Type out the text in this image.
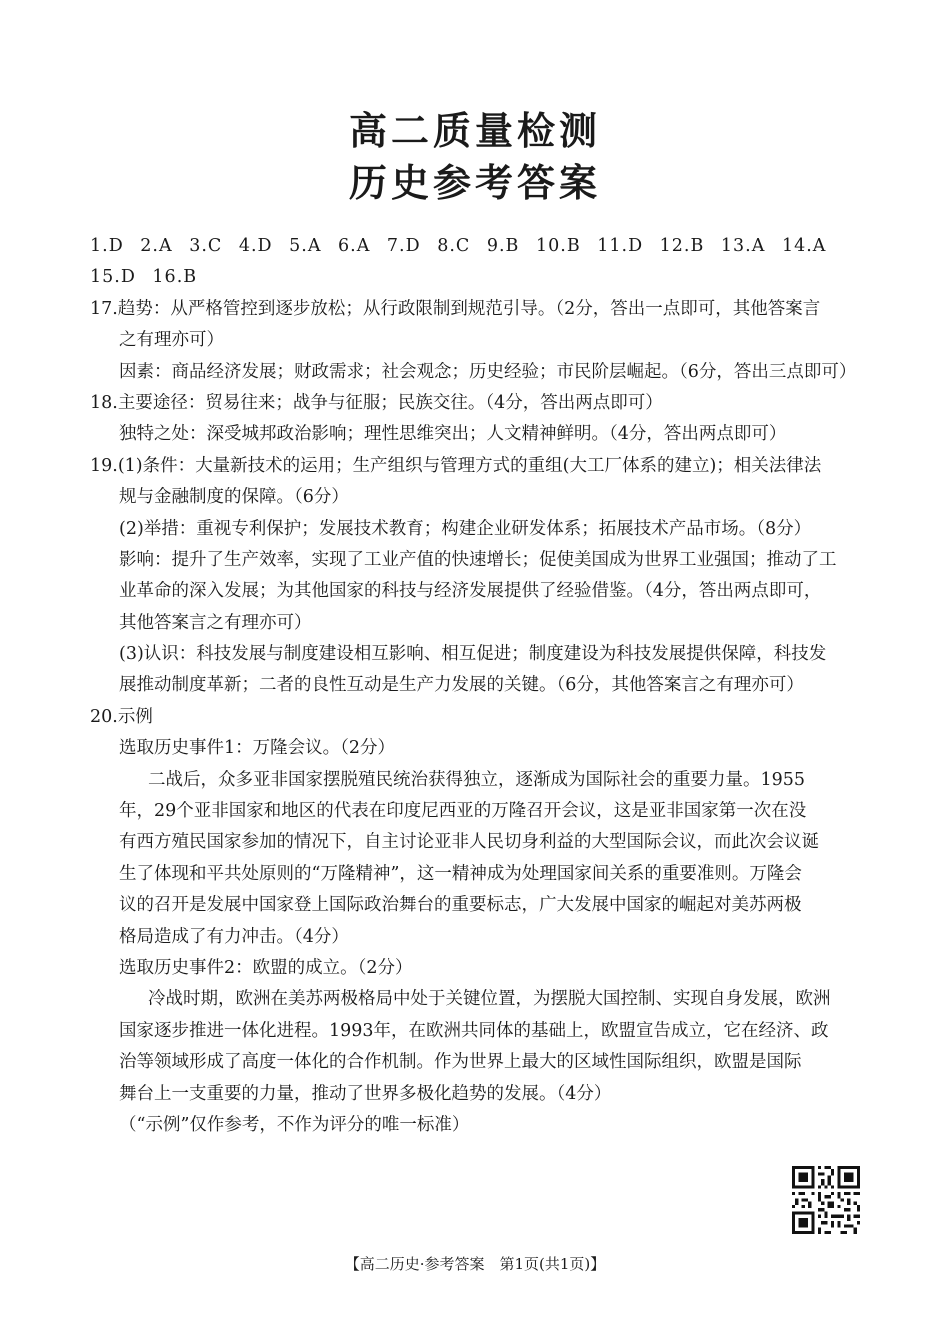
高二质量检测
历史参考答案
1.D 2.A 3.C 4.D 5.A 6.A 7.D 8.C 9.B 10.B 11.D 12.B 13.A 14.A
15.D 16.B
17.趋势：从严格管控到逐步放松；从行政限制到规范引导。（2分，答出一点即可，其他答案言
之有理亦可）
因素：商品经济发展；财政需求；社会观念；历史经验；市民阶层崛起。（6分，答出三点即可）
18.主要途径：贸易往来；战争与征服；民族交往。（4分，答出两点即可）
独特之处：深受城邦政治影响；理性思维突出；人文精神鲜明。（4分，答出两点即可）
19.(1)条件：大量新技术的运用；生产组织与管理方式的重组(大工厂体系的建立)；相关法律法
规与金融制度的保障。（6分）
(2)举措：重视专利保护；发展技术教育；构建企业研发体系；拓展技术产品市场。（8分）
影响：提升了生产效率，实现了工业产值的快速增长；促使美国成为世界工业强国；推动了工
业革命的深入发展；为其他国家的科技与经济发展提供了经验借鉴。（4分，答出两点即可，
其他答案言之有理亦可）
(3)认识：科技发展与制度建设相互影响、相互促进；制度建设为科技发展提供保障，科技发
展推动制度革新；二者的良性互动是生产力发展的关键。（6分，其他答案言之有理亦可）
20.示例
选取历史事件1：万隆会议。（2分）
二战后，众多亚非国家摆脱殖民统治获得独立，逐渐成为国际社会的重要力量。1955
年，29个亚非国家和地区的代表在印度尼西亚的万隆召开会议，这是亚非国家第一次在没
有西方殖民国家参加的情况下，自主讨论亚非人民切身利益的大型国际会议，而此次会议诞
生了体现和平共处原则的“万隆精神”，这一精神成为处理国家间关系的重要准则。万隆会
议的召开是发展中国家登上国际政治舞台的重要标志，广大发展中国家的崛起对美苏两极
格局造成了有力冲击。（4分）
选取历史事件2：欧盟的成立。（2分）
冷战时期，欧洲在美苏两极格局中处于关键位置，为摆脱大国控制、实现自身发展，欧洲
国家逐步推进一体化进程。1993年，在欧洲共同体的基础上，欧盟宣告成立，它在经济、政
治等领域形成了高度一体化的合作机制。作为世界上最大的区域性国际组织，欧盟是国际
舞台上一支重要的力量，推动了世界多极化趋势的发展。（4分）
（“示例”仅作参考，不作为评分的唯一标准）
【高二历史·参考答案　第1页(共1页)】
